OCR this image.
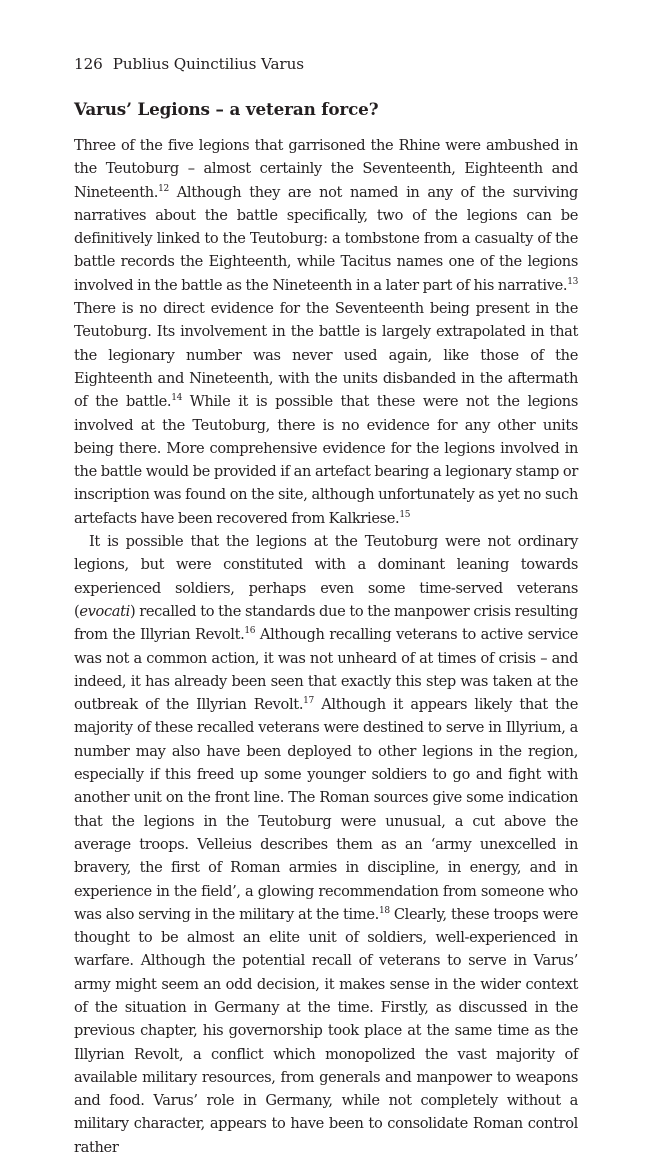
126 Publius Quinctilius Varus

Varus’ Legions – a veteran force?

Three of the five legions that garrisoned the Rhine were ambushed in the Teutoburg – almost certainly the Seventeenth, Eighteenth and Nineteenth.$^{12}$ Although they are not named in any of the surviving narratives about the battle specifically, two of the legions can be definitively linked to the Teutoburg: a tombstone from a casualty of the battle records the Eighteenth, while Tacitus names one of the legions involved in the battle as the Nineteenth in a later part of his narrative.$^{13}$ There is no direct evidence for the Seventeenth being present in the Teutoburg. Its involvement in the battle is largely extrapolated in that the legionary number was never used again, like those of the Eighteenth and Nineteenth, with the units disbanded in the aftermath of the battle.$^{14}$ While it is possible that these were not the legions involved at the Teutoburg, there is no evidence for any other units being there. More comprehensive evidence for the legions involved in the battle would be provided if an artefact bearing a legionary stamp or inscription was found on the site, although unfortunately as yet no such artefacts have been recovered from Kalkriese.$^{15}$

It is possible that the legions at the Teutoburg were not ordinary legions, but were constituted with a dominant leaning towards experienced soldiers, perhaps even some time-served veterans (evocati) recalled to the standards due to the manpower crisis resulting from the Illyrian Revolt.$^{16}$ Although recalling veterans to active service was not a common action, it was not unheard of at times of crisis – and indeed, it has already been seen that exactly this step was taken at the outbreak of the Illyrian Revolt.$^{17}$ Although it appears likely that the majority of these recalled veterans were destined to serve in Illyrium, a number may also have been deployed to other legions in the region, especially if this freed up some younger soldiers to go and fight with another unit on the front line. The Roman sources give some indication that the legions in the Teutoburg were unusual, a cut above the average troops. Velleius describes them as an ‘army unexcelled in bravery, the first of Roman armies in discipline, in energy, and in experience in the field’, a glowing recommendation from someone who was also serving in the military at the time.$^{18}$ Clearly, these troops were thought to be almost an elite unit of soldiers, well-experienced in warfare. Although the potential recall of veterans to serve in Varus’ army might seem an odd decision, it makes sense in the wider context of the situation in Germany at the time. Firstly, as discussed in the previous chapter, his governorship took place at the same time as the Illyrian Revolt, a conflict which monopolized the vast majority of available military resources, from generals and manpower to weapons and food. Varus’ role in Germany, while not completely without a military character, appears to have been to consolidate Roman control rather
